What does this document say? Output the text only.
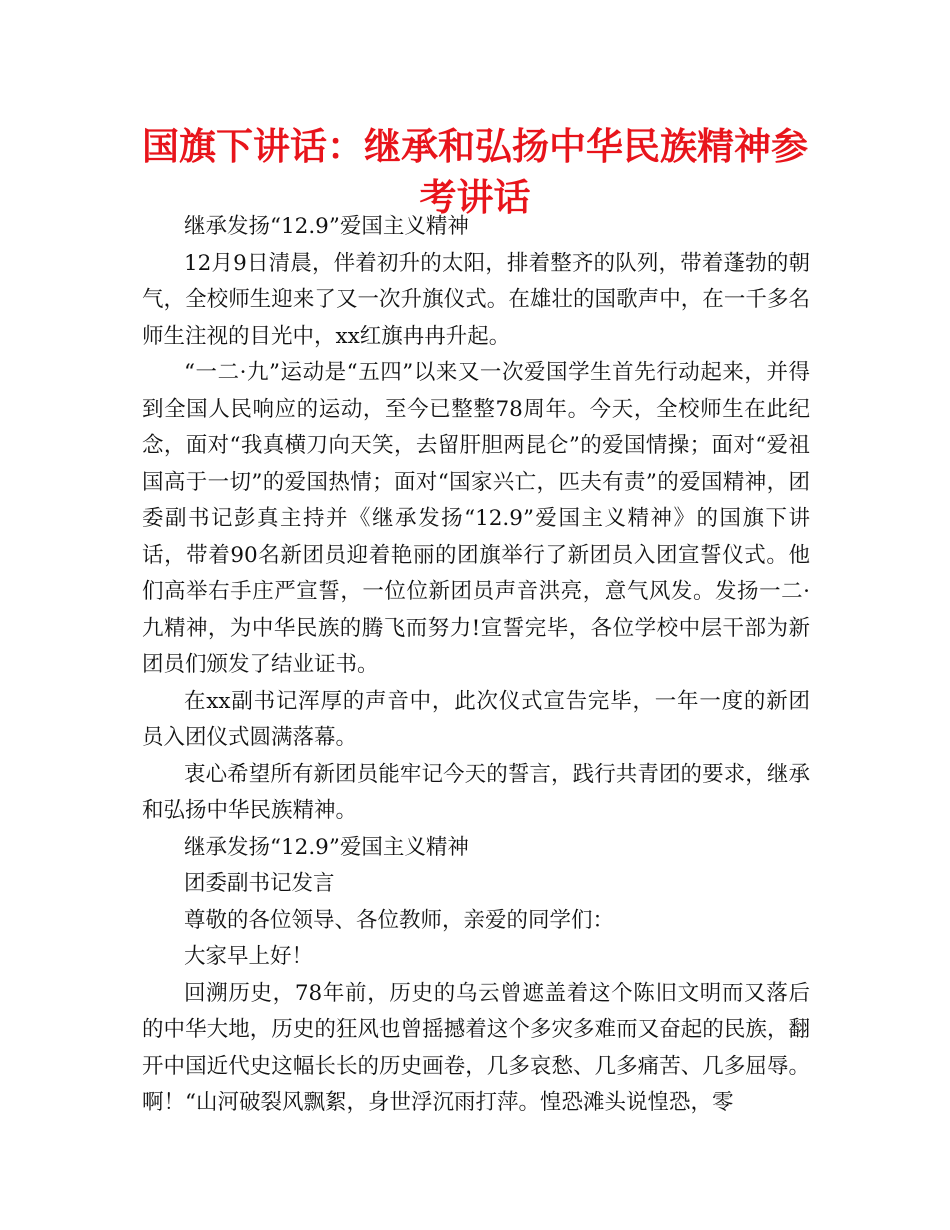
国旗下讲话：继承和弘扬中华民族精神参考讲话

继承发扬“12.9”爱国主义精神

12月9日清晨，伴着初升的太阳，排着整齐的队列，带着蓬勃的朝气，全校师生迎来了又一次升旗仪式。在雄壮的国歌声中，在一千多名师生注视的目光中，xx红旗冉冉升起。

“一二·九”运动是“五四”以来又一次爱国学生首先行动起来，并得到全国人民响应的运动，至今已整整78周年。今天，全校师生在此纪念，面对“我真横刀向天笑，去留肝胆两昆仑”的爱国情操；面对“爱祖国高于一切”的爱国热情；面对“国家兴亡，匹夫有责”的爱国精神，团委副书记彭真主持并《继承发扬“12.9”爱国主义精神》的国旗下讲话，带着90名新团员迎着艳丽的团旗举行了新团员入团宣誓仪式。他们高举右手庄严宣誓，一位位新团员声音洪亮，意气风发。发扬一二·九精神，为中华民族的腾飞而努力!宣誓完毕，各位学校中层干部为新团员们颁发了结业证书。

在xx副书记浑厚的声音中，此次仪式宣告完毕，一年一度的新团员入团仪式圆满落幕。

衷心希望所有新团员能牢记今天的誓言，践行共青团的要求，继承和弘扬中华民族精神。

继承发扬“12.9”爱国主义精神

团委副书记发言

尊敬的各位领导、各位教师，亲爱的同学们：

大家早上好！

回溯历史，78年前，历史的乌云曾遮盖着这个陈旧文明而又落后的中华大地，历史的狂风也曾摇撼着这个多灾多难而又奋起的民族，翻开中国近代史这幅长长的历史画卷，几多哀愁、几多痛苦、几多屈辱。啊！“山河破裂风飘絮，身世浮沉雨打萍。惶恐滩头说惶恐，零
